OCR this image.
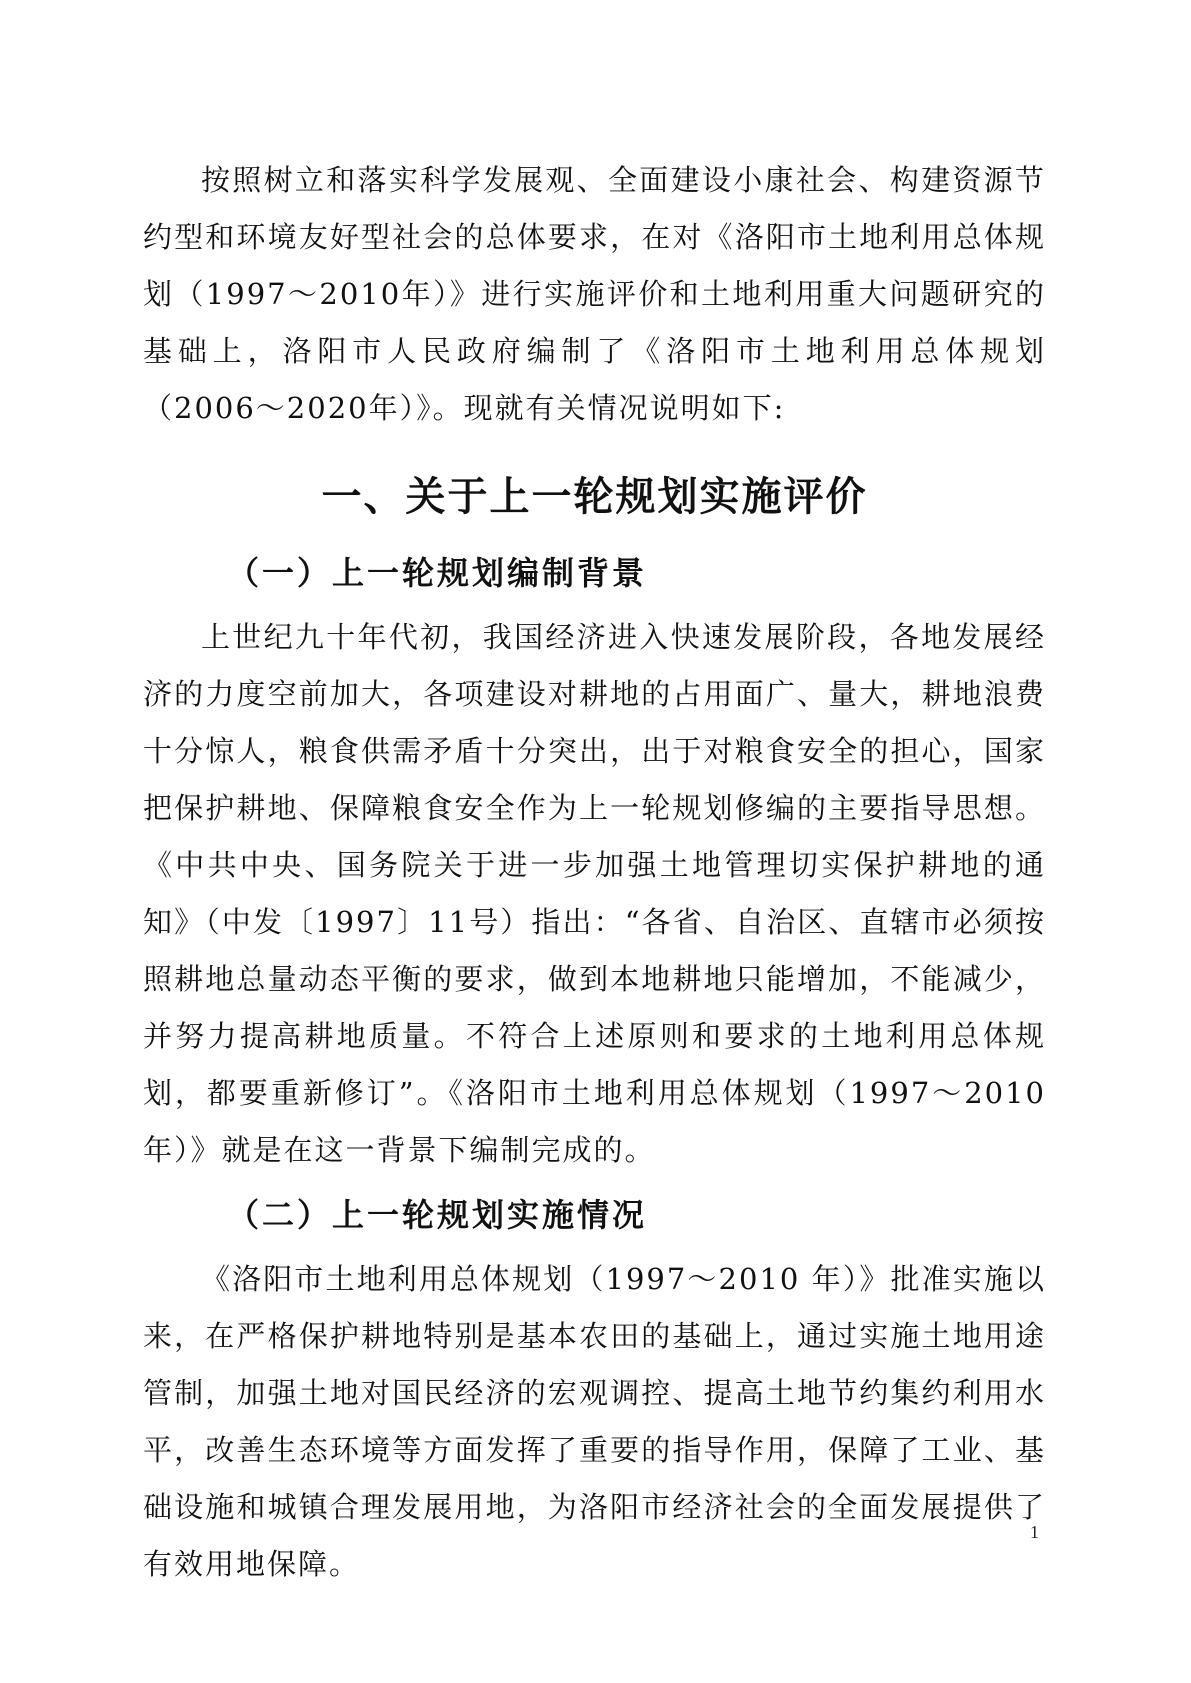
按照树立和落实科学发展观、全面建设小康社会、构建资源节约型和环境友好型社会的总体要求，在对《洛阳市土地利用总体规划（1997～2010年）》进行实施评价和土地利用重大问题研究的基础上，洛阳市人民政府编制了《洛阳市土地利用总体规划（2006～2020年）》。现就有关情况说明如下:

一、关于上一轮规划实施评价
（一）上一轮规划编制背景

上世纪九十年代初，我国经济进入快速发展阶段，各地发展经济的力度空前加大，各项建设对耕地的占用面广、量大，耕地浪费十分惊人，粮食供需矛盾十分突出，出于对粮食安全的担心，国家把保护耕地、保障粮食安全作为上一轮规划修编的主要指导思想。《中共中央、国务院关于进一步加强土地管理切实保护耕地的通知》（中发〔1997〕11号）指出：“各省、自治区、直辖市必须按照耕地总量动态平衡的要求，做到本地耕地只能增加，不能减少，并努力提高耕地质量。不符合上述原则和要求的土地利用总体规划，都要重新修订”。《洛阳市土地利用总体规划（1997～2010年）》就是在这一背景下编制完成的。

（二）上一轮规划实施情况

《洛阳市土地利用总体规划（1997～2010 年）》批准实施以来，在严格保护耕地特别是基本农田的基础上，通过实施土地用途管制，加强土地对国民经济的宏观调控、提高土地节约集约利用水平，改善生态环境等方面发挥了重要的指导作用，保障了工业、基础设施和城镇合理发展用地，为洛阳市经济社会的全面发展提供了有效用地保障。

1
